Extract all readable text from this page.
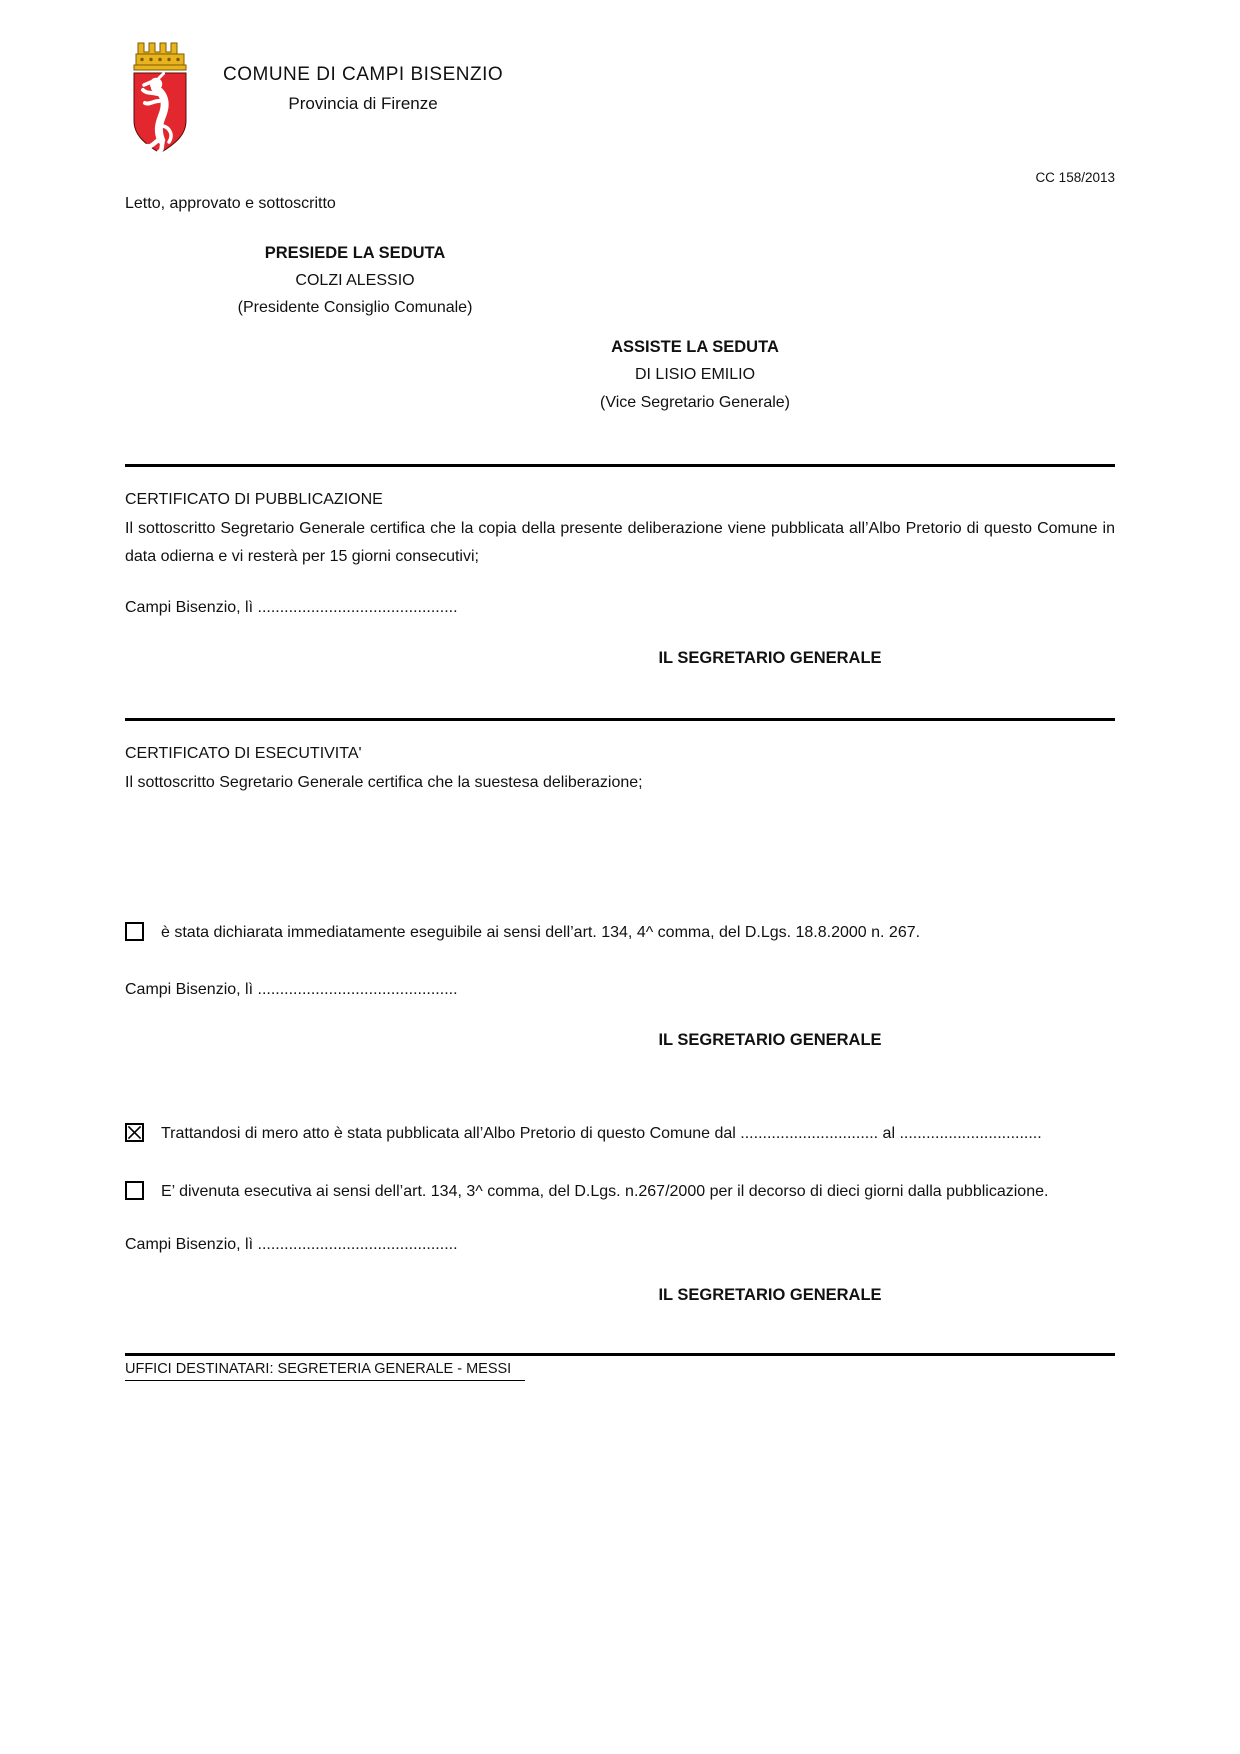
COMUNE DI CAMPI BISENZIO
Provincia di Firenze
CC 158/2013
Letto, approvato e sottoscritto
PRESIEDE LA SEDUTA
COLZI ALESSIO
(Presidente Consiglio Comunale)
ASSISTE LA SEDUTA
DI LISIO EMILIO
(Vice Segretario Generale)
CERTIFICATO DI PUBBLICAZIONE
Il sottoscritto Segretario Generale certifica che la copia della presente deliberazione viene pubblicata all’Albo Pretorio di questo Comune in data odierna e vi resterà per 15 giorni consecutivi;
Campi Bisenzio, lì .............................................
IL SEGRETARIO GENERALE
CERTIFICATO DI ESECUTIVITA'
Il sottoscritto Segretario Generale certifica che la suestesa deliberazione;
è stata dichiarata immediatamente eseguibile ai sensi dell’art. 134, 4^ comma, del D.Lgs. 18.8.2000 n. 267.
Campi Bisenzio, lì .............................................
IL SEGRETARIO GENERALE
Trattandosi di mero atto è stata pubblicata all’Albo Pretorio di questo Comune dal ............................... al ................................
E’ divenuta esecutiva ai sensi dell’art. 134, 3^ comma, del D.Lgs. n.267/2000 per il decorso di dieci giorni dalla pubblicazione.
Campi Bisenzio, lì .............................................
IL SEGRETARIO GENERALE
UFFICI DESTINATARI: SEGRETERIA GENERALE - MESSI
